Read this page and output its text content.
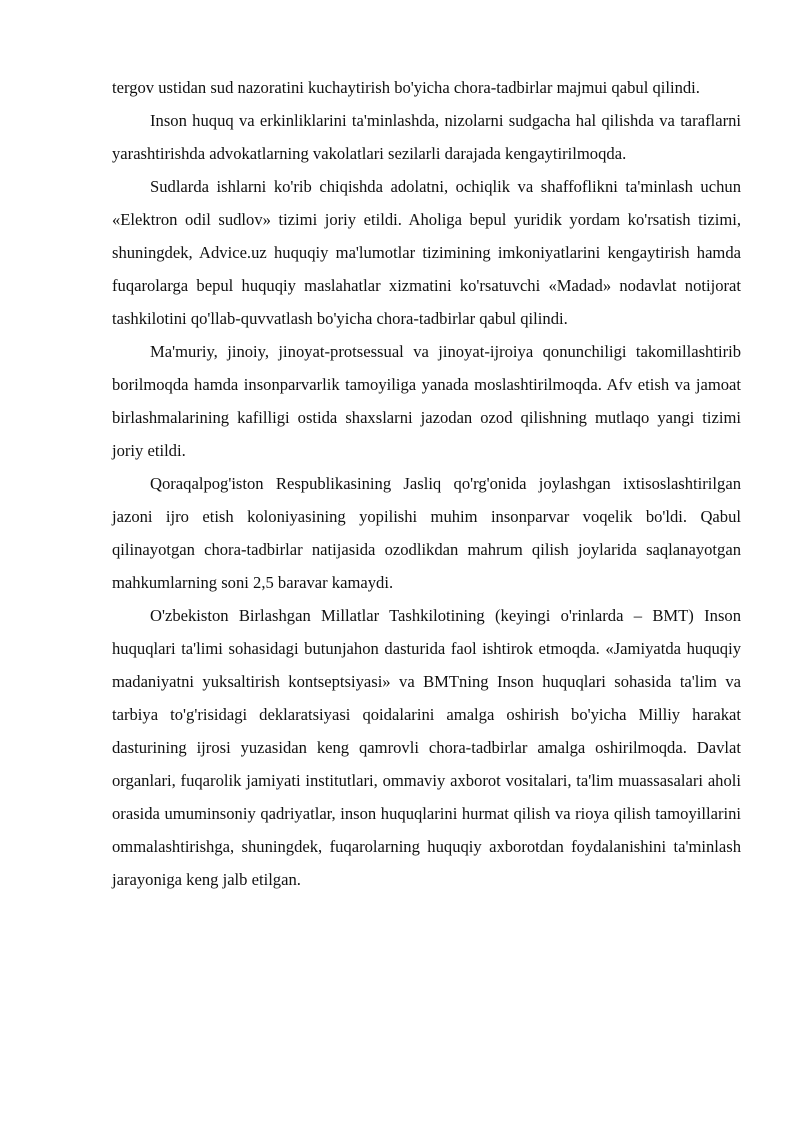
tergov ustidan sud nazoratini kuchaytirish bo'yicha chora-tadbirlar majmui qabul qilindi.

Inson huquq va erkinliklarini ta'minlashda, nizolarni sudgacha hal qilishda va taraflarni yarashtirishda advokatlarning vakolatlari sezilarli darajada kengaytirilmoqda.

Sudlarda ishlarni ko'rib chiqishda adolatni, ochiqlik va shaffoflikni ta'minlash uchun «Elektron odil sudlov» tizimi joriy etildi. Aholiga bepul yuridik yordam ko'rsatish tizimi, shuningdek, Advice.uz huquqiy ma'lumotlar tizimining imkoniyatlarini kengaytirish hamda fuqarolarga bepul huquqiy maslahatlar xizmatini ko'rsatuvchi «Madad» nodavlat notijorat tashkilotini qo'llab-quvvatlash bo'yicha chora-tadbirlar qabul qilindi.

Ma'muriy, jinoiy, jinoyat-protsessual va jinoyat-ijroiya qonunchiligi takomillashtirib borilmoqda hamda insonparvarlik tamoyiliga yanada moslashtirilmoqda. Afv etish va jamoat birlashmalarining kafilligi ostida shaxslarni jazodan ozod qilishning mutlaqo yangi tizimi joriy etildi.

Qoraqalpog'iston Respublikasining Jasliq qo'rg'onida joylashgan ixtisoslashtirilgan jazoni ijro etish koloniyasining yopilishi muhim insonparvar voqelik bo'ldi. Qabul qilinayotgan chora-tadbirlar natijasida ozodlikdan mahrum qilish joylarida saqlanayotgan mahkumlarning soni 2,5 baravar kamaydi.

O'zbekiston Birlashgan Millatlar Tashkilotining (keyingi o'rinlarda – BMT) Inson huquqlari ta'limi sohasidagi butunjahon dasturida faol ishtirok etmoqda. «Jamiyatda huquqiy madaniyatni yuksaltirish kontseptsiyasi» va BMTning Inson huquqlari sohasida ta'lim va tarbiya to'g'risidagi deklaratsiyasi qoidalarini amalga oshirish bo'yicha Milliy harakat dasturining ijrosi yuzasidan keng qamrovli chora-tadbirlar amalga oshirilmoqda. Davlat organlari, fuqarolik jamiyati institutlari, ommaviy axborot vositalari, ta'lim muassasalari aholi orasida umuminsoniy qadriyatlar, inson huquqlarini hurmat qilish va rioya qilish tamoyillarini ommalashtirishga, shuningdek, fuqarolarning huquqiy axborotdan foydalanishini ta'minlash jarayoniga keng jalb etilgan.
